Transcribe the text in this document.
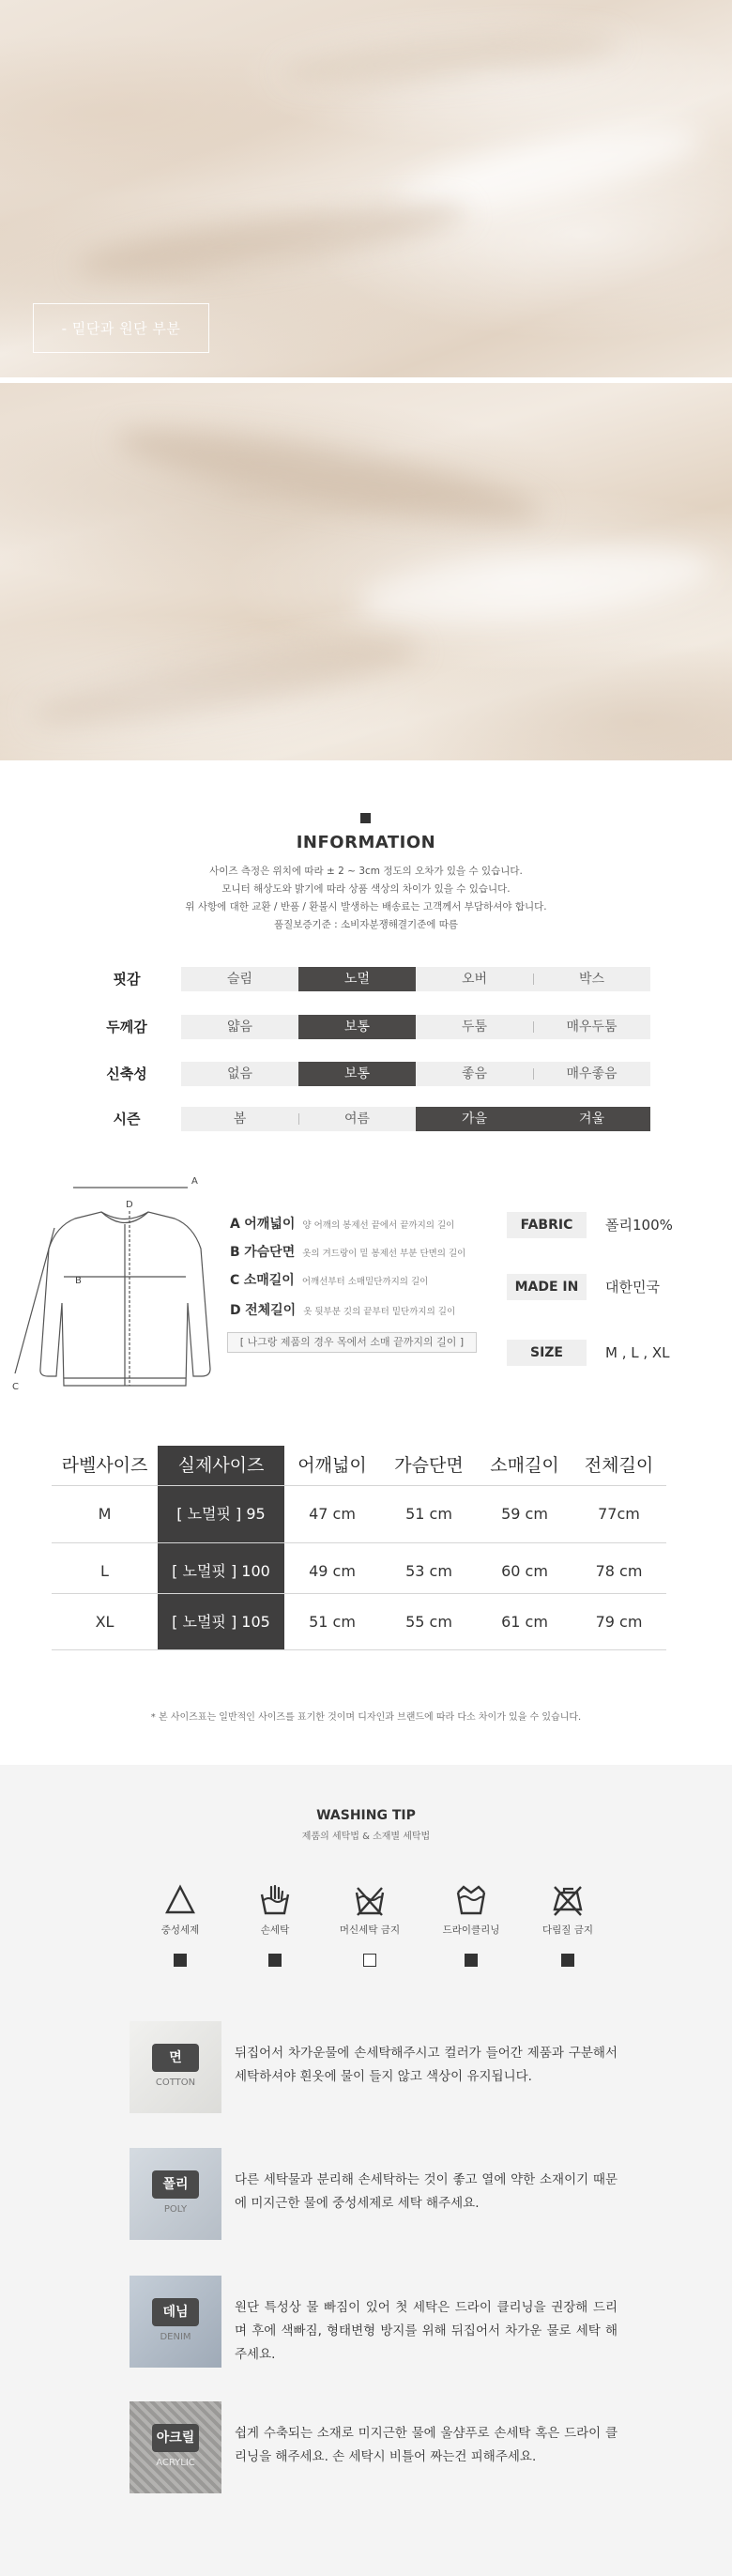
- 밑단과 원단 부분
INFORMATION
사이즈 측정은 위치에 따라 ± 2 ~ 3cm 정도의 오차가 있을 수 있습니다.
모니터 해상도와 밝기에 따라 상품 색상의 차이가 있을 수 있습니다.
위 사항에 대한 교환 / 반품 / 환불시 발생하는 배송료는 고객께서 부담하셔야 합니다.
품질보증기준 : 소비자분쟁해결기준에 따름
핏감	슬림	노멀	오버	박스
두께감	얇음	보통	두툼	매우두툼
신축성	없음	보통	좋음	매우좋음
시즌	봄	여름	가을	겨울
A
B
C
D
A 어깨넓이 양 어깨의 봉제선 끝에서 끝까지의 길이
B 가슴단면 옷의 겨드랑이 밑 봉제선 부분 단면의 길이
C 소매길이 어깨선부터 소매밑단까지의 길이
D 전체길이 옷 뒷부분 깃의 끝부터 밑단까지의 길이
[ 나그랑 제품의 경우 목에서 소매 끝까지의 길이 ]
FABRIC	폴리100%
MADE IN	대한민국
SIZE	M , L , XL
라벨사이즈	실제사이즈	어깨넓이	가슴단면	소매길이	전체길이
M	[ 노멀핏 ] 95	47 cm	51 cm	59 cm	77cm
L	[ 노멀핏 ] 100	49 cm	53 cm	60 cm	78 cm
XL	[ 노멀핏 ] 105	51 cm	55 cm	61 cm	79 cm
* 본 사이즈표는 일반적인 사이즈를 표기한 것이며 디자인과 브랜드에 따라 다소 차이가 있을 수 있습니다.
WASHING TIP
제품의 세탁법 & 소재별 세탁법
중성세제	손세탁	머신세탁 금지	드라이클리닝	다림질 금지
면
COTTON
뒤집어서 차가운물에 손세탁해주시고 컬러가 들어간 제품과 구분해서 세탁하셔야 흰옷에 물이 들지 않고 색상이 유지됩니다.
폴리
POLY
다른 세탁물과 분리해 손세탁하는 것이 좋고 열에 약한 소재이기 때문에 미지근한 물에 중성세제로 세탁 해주세요.
데님
DENIM
원단 특성상 물 빠짐이 있어 첫 세탁은 드라이 클리닝을 권장해 드리며 후에 색빠짐, 형태변형 방지를 위해 뒤집어서 차가운 물로 세탁 해주세요.
아크릴
ACRYLIC
쉽게 수축되는 소재로 미지근한 물에 울샴푸로 손세탁 혹은 드라이 클리닝을 해주세요. 손 세탁시 비틀어 짜는건 피해주세요.
